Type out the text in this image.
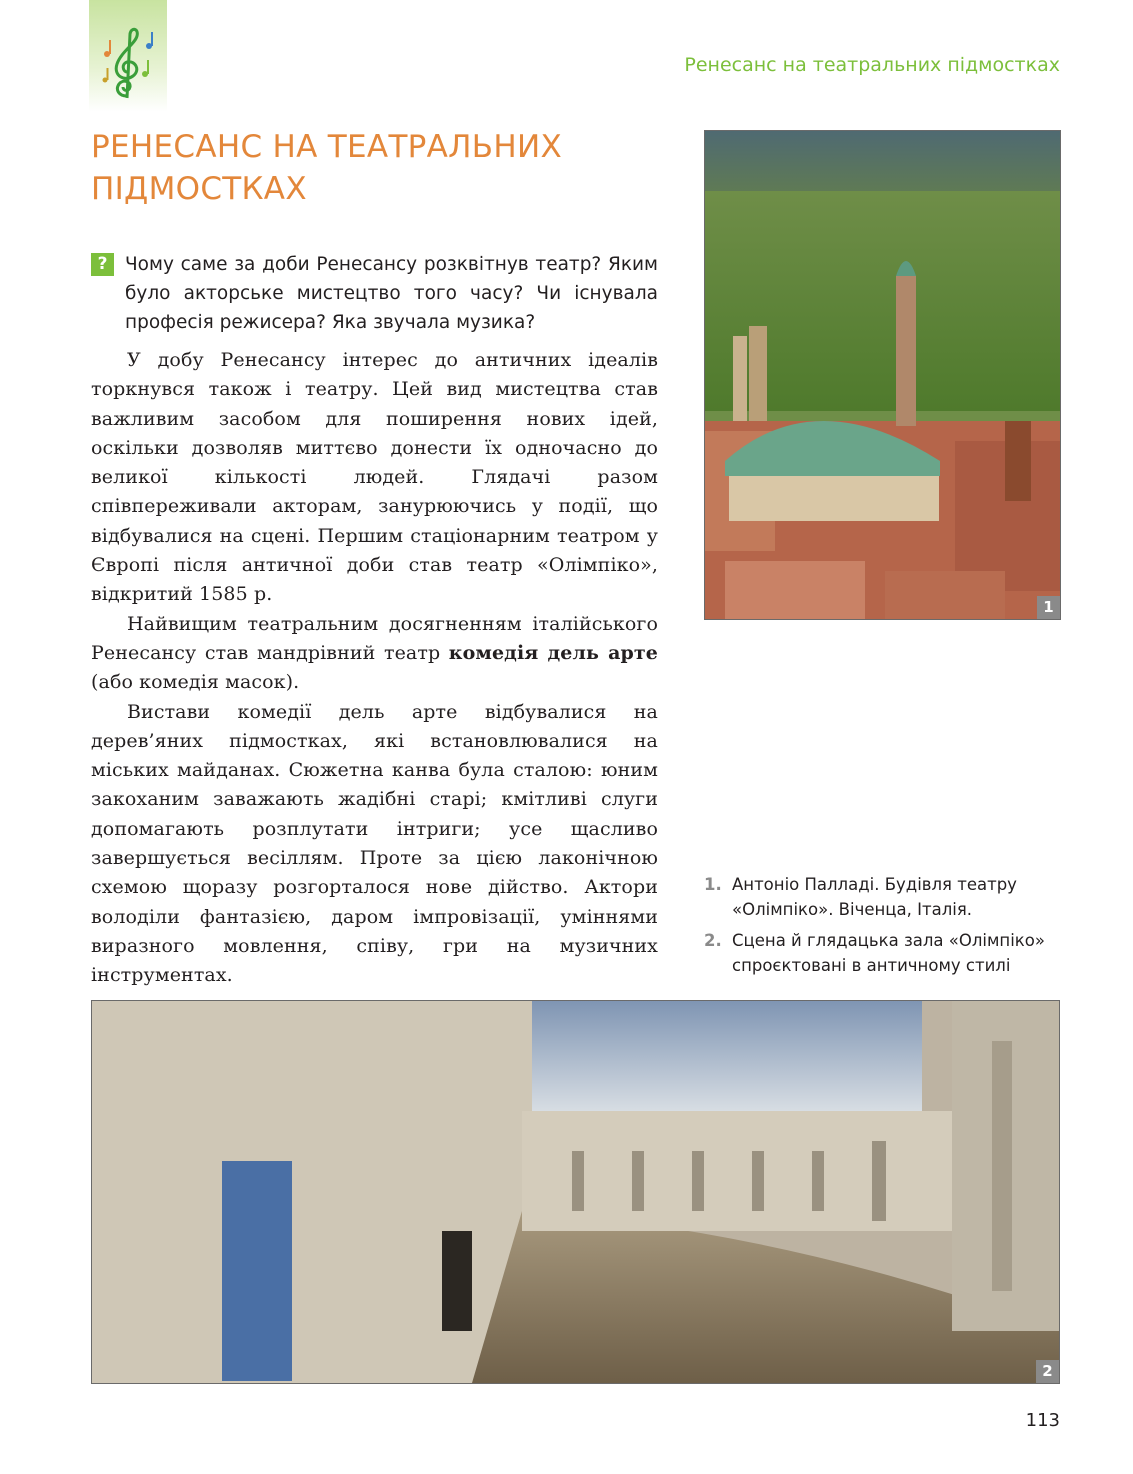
Ренесанс на театральних підмостках
РЕНЕСАНС НА ТЕАТРАЛЬНИХ ПІДМОСТКАХ
? Чому саме за доби Ренесансу розквітнув театр? Яким було акторське мистецтво того часу? Чи існувала професія режисера? Яка звучала музика?

У добу Ренесансу інтерес до античних ідеалів торкнувся також і театру. Цей вид мистецтва став важливим засобом для поширення нових ідей, оскільки дозволяв миттєво донести їх одночасно до великої кількості людей. Глядачі разом співпереживали акторам, занурюючись у події, що відбувалися на сцені. Першим стаціонарним театром у Європі після античної доби став театр «Олімпіко», відкритий 1585 р.

Найвищим театральним досягненням італійського Ренесансу став мандрівний театр комедія дель арте (або комедія масок).

Вистави комедії дель арте відбувалися на дерев’яних підмостках, які встановлювалися на міських майданах. Сюжетна канва була сталою: юним закоханим заважають жадібні старі; кмітливі слуги допомагають розплутати інтриги; усе щасливо завершується весіллям. Проте за цією лаконічною схемою щоразу розгорталося нове дійство. Актори володіли фантазією, даром імпровізації, уміннями виразного мовлення, співу, гри на музичних інструментах.

1
1. Антоніо Палладі. Будівля театру «Олімпіко». Віченца, Італія.
2. Сцена й глядацька зала «Олімпіко» спроєктовані в античному стилі
2
113
